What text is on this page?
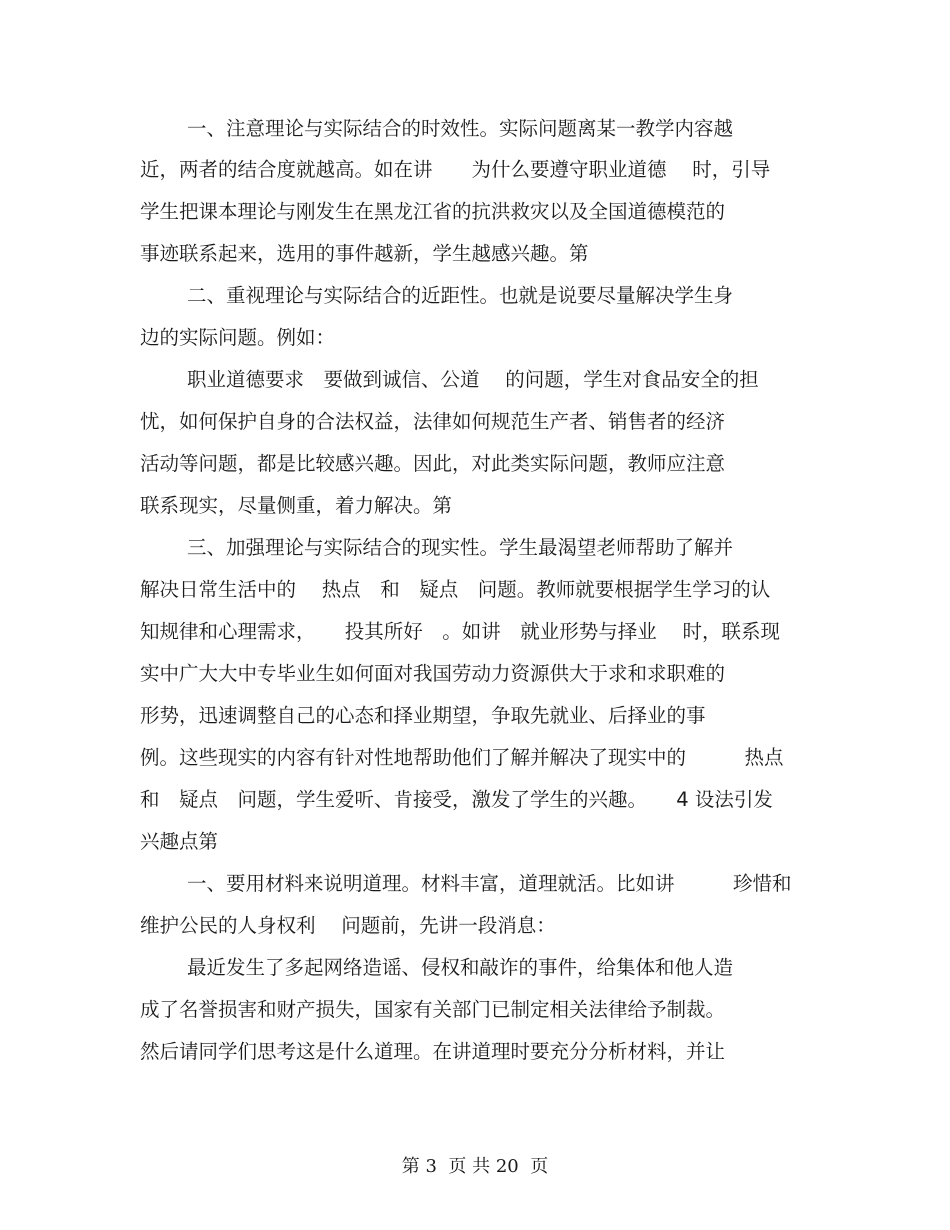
一、注意理论与实际结合的时效性。实际问题离某一教学内容越
近，两者的结合度就越高。如在讲　　为什么要遵守职业道德　 时，引导
学生把课本理论与刚发生在黑龙江省的抗洪救灾以及全国道德模范的
事迹联系起来，选用的事件越新，学生越感兴趣。第
二、重视理论与实际结合的近距性。也就是说要尽量解决学生身
边的实际问题。例如：
职业道德要求　要做到诚信、公道　 的问题，学生对食品安全的担
忧，如何保护自身的合法权益，法律如何规范生产者、销售者的经济
活动等问题，都是比较感兴趣。因此，对此类实际问题，教师应注意
联系现实，尽量侧重，着力解决。第
三、加强理论与实际结合的现实性。学生最渴望老师帮助了解并
解决日常生活中的　 热点　和　疑点　问题。教师就要根据学生学习的认
知规律和心理需求，　　投其所好　。如讲　就业形势与择业　 时，联系现
实中广大大中专毕业生如何面对我国劳动力资源供大于求和求职难的
形势，迅速调整自己的心态和择业期望，争取先就业、后择业的事
例。这些现实的内容有针对性地帮助他们了解并解决了现实中的　　　热点
和　疑点　问题，学生爱听、肯接受，激发了学生的兴趣。　　4 设法引发
兴趣点第
一、要用材料来说明道理。材料丰富，道理就活。比如讲　　　珍惜和
维护公民的人身权利　 问题前，先讲一段消息：
最近发生了多起网络造谣、侵权和敲诈的事件，给集体和他人造
成了名誉损害和财产损失，国家有关部门已制定相关法律给予制裁。
然后请同学们思考这是什么道理。在讲道理时要充分分析材料，并让
第 3  页 共 20  页
